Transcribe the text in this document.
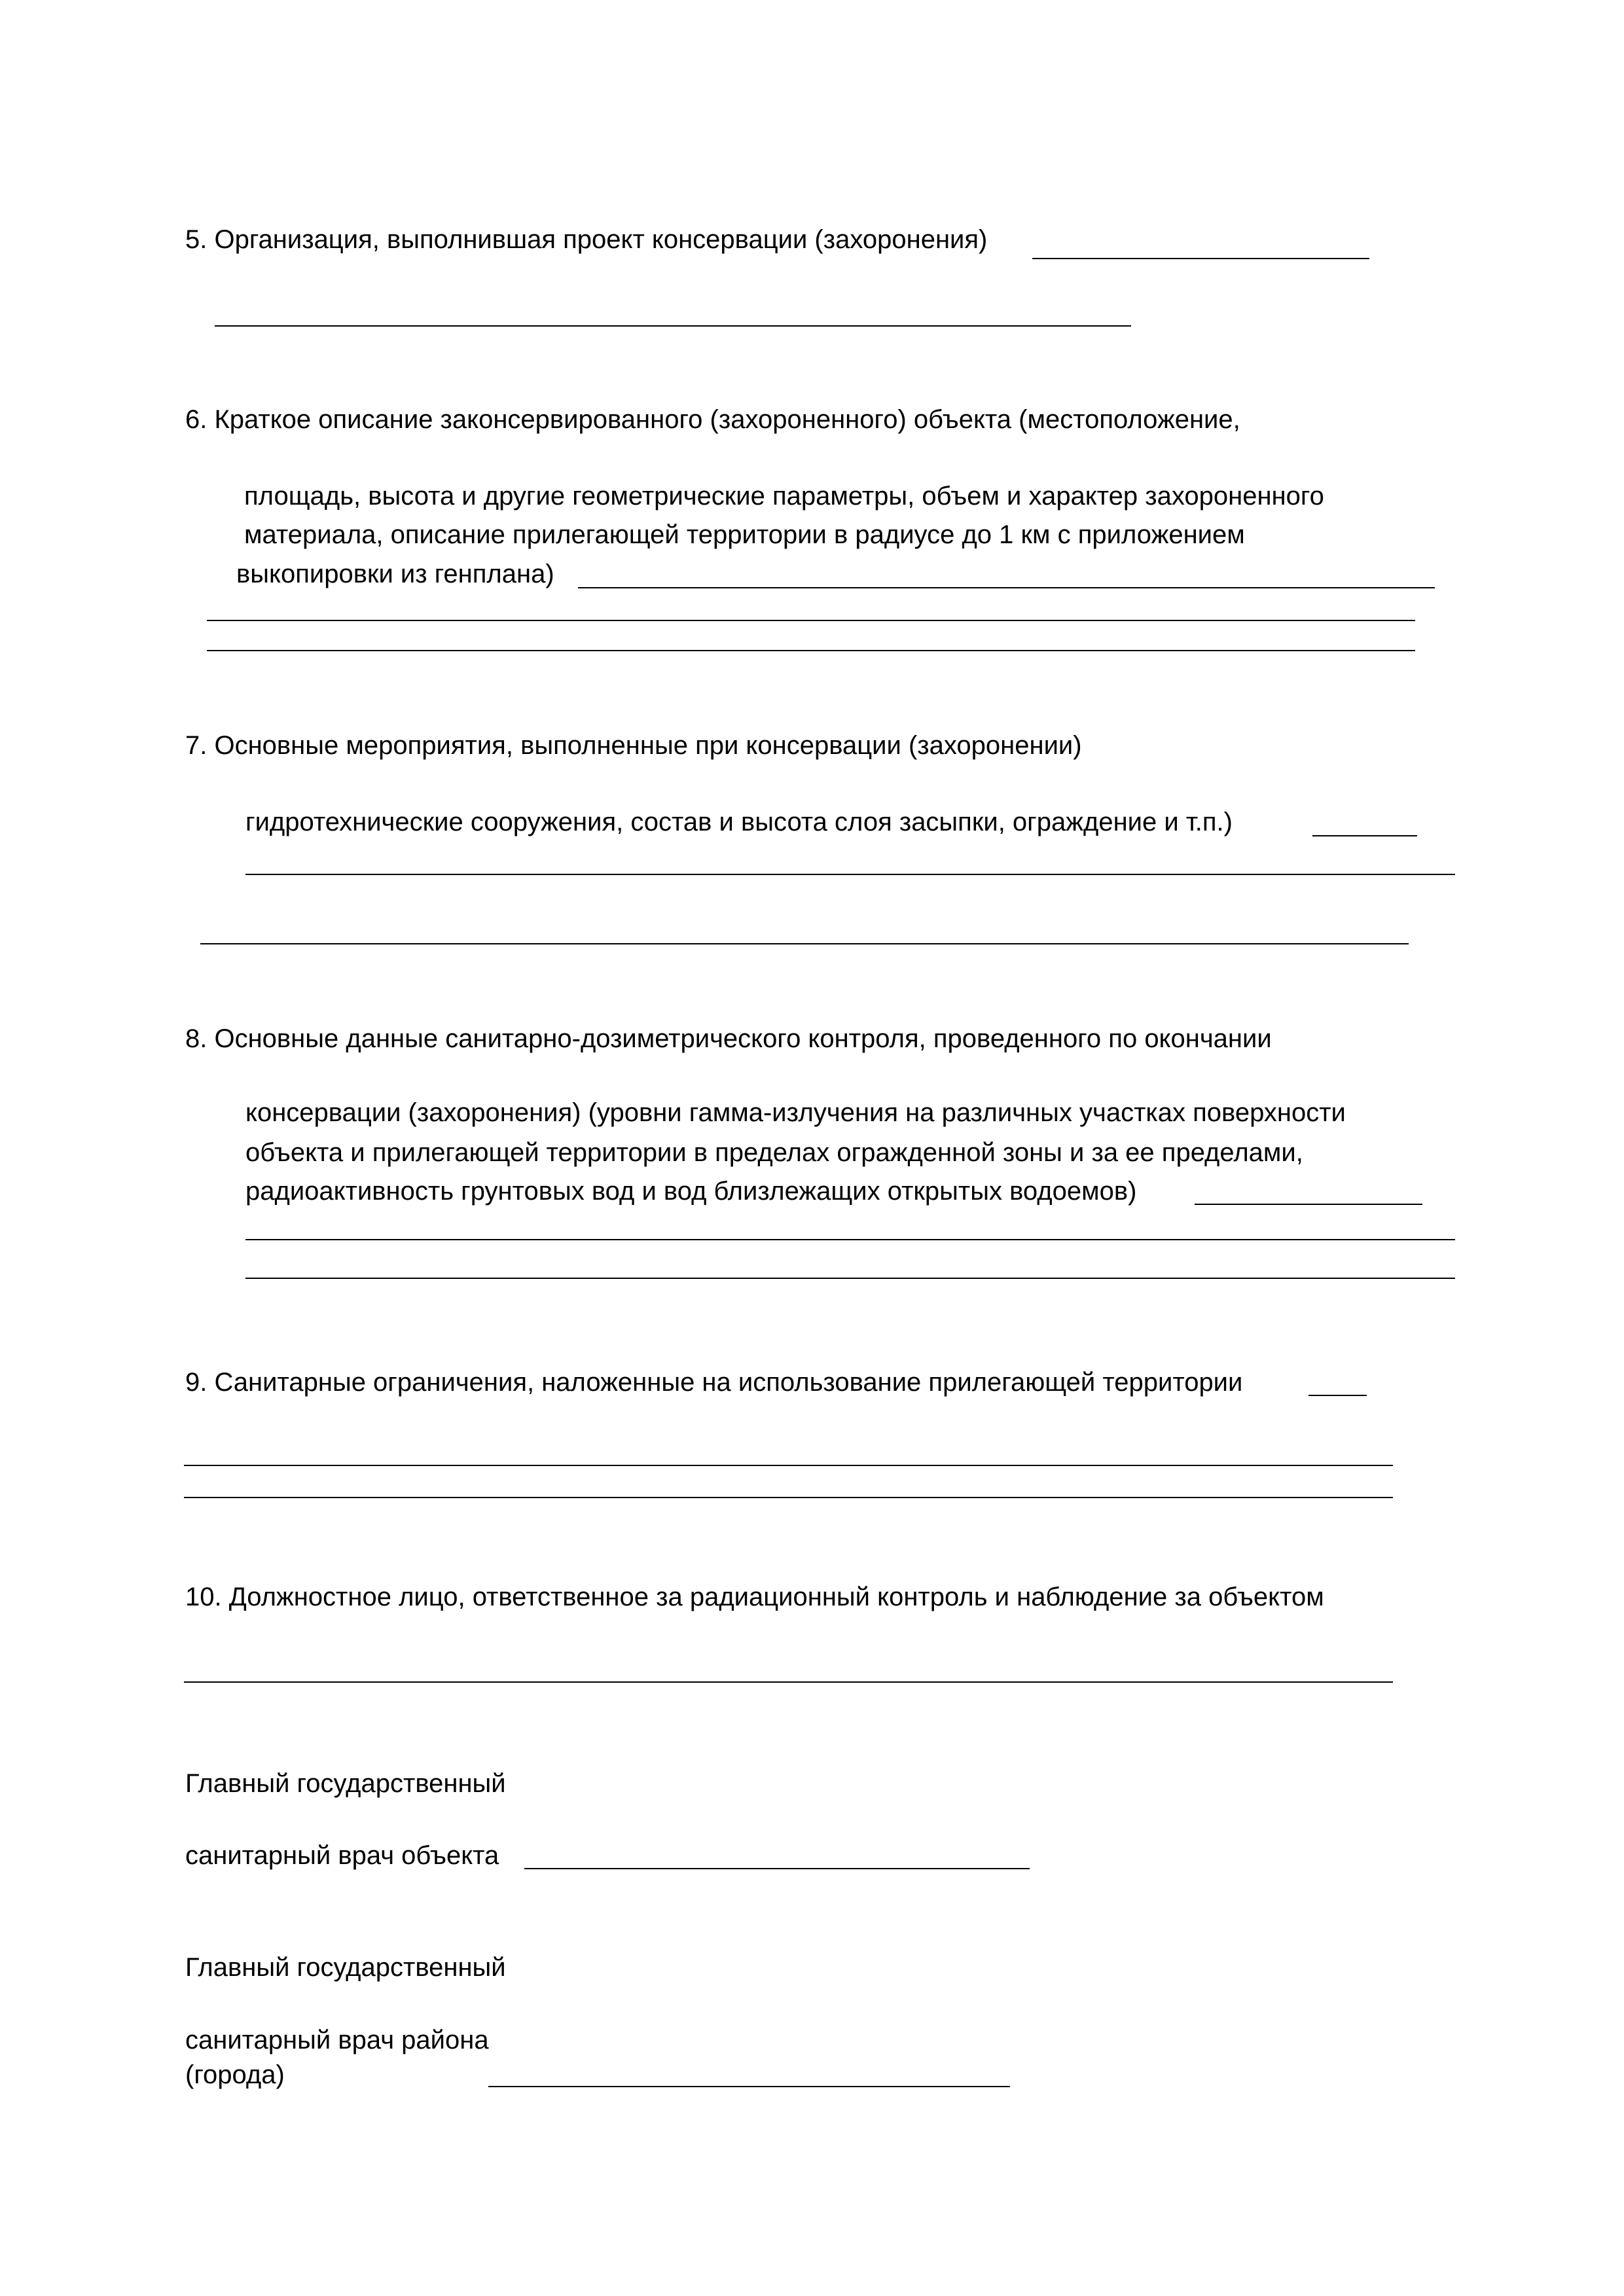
5. Организация, выполнившая проект консервации (захоронения)

6. Краткое описание законсервированного (захороненного) объекта (местоположение,

площадь, высота и другие геометрические параметры, объем и характер захороненного

материала, описание прилегающей территории в радиусе до 1 км с приложением

выкопировки из генплана)

7. Основные мероприятия, выполненные при консервации (захоронении)

гидротехнические сооружения, состав и высота слоя засыпки, ограждение и т.п.)

8. Основные данные санитарно-дозиметрического контроля, проведенного по окончании

консервации (захоронения) (уровни гамма-излучения на различных участках поверхности

объекта и прилегающей территории в пределах огражденной зоны и за ее пределами,

радиоактивность грунтовых вод и вод близлежащих открытых водоемов)

9. Санитарные ограничения, наложенные на использование прилегающей территории

10. Должностное лицо, ответственное за радиационный контроль и наблюдение за объектом

Главный государственный

санитарный врач объекта

Главный государственный

санитарный врач района

(города)
